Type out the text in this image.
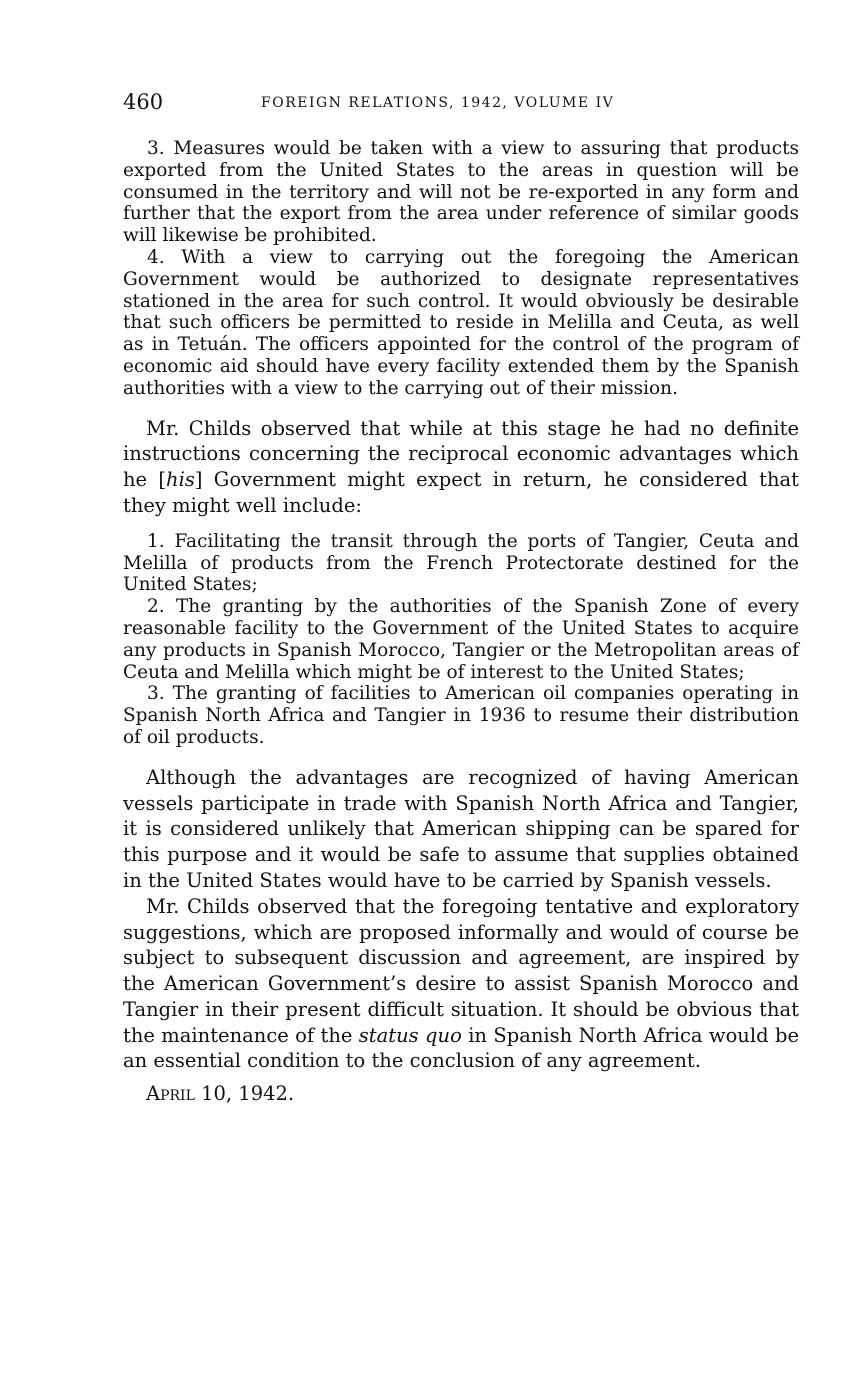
460	FOREIGN RELATIONS, 1942, VOLUME IV

3. Measures would be taken with a view to assuring that products exported from the United States to the areas in question will be consumed in the territory and will not be re-exported in any form and further that the export from the area under reference of similar goods will likewise be prohibited.

4. With a view to carrying out the foregoing the American Government would be authorized to designate representatives stationed in the area for such control. It would obviously be desirable that such officers be permitted to reside in Melilla and Ceuta, as well as in Tetuán. The officers appointed for the control of the program of economic aid should have every facility extended them by the Spanish authorities with a view to the carrying out of their mission.

Mr. Childs observed that while at this stage he had no definite instructions concerning the reciprocal economic advantages which he [his] Government might expect in return, he considered that they might well include:

1. Facilitating the transit through the ports of Tangier, Ceuta and Melilla of products from the French Protectorate destined for the United States;

2. The granting by the authorities of the Spanish Zone of every reasonable facility to the Government of the United States to acquire any products in Spanish Morocco, Tangier or the Metropolitan areas of Ceuta and Melilla which might be of interest to the United States;

3. The granting of facilities to American oil companies operating in Spanish North Africa and Tangier in 1936 to resume their distribution of oil products.

Although the advantages are recognized of having American vessels participate in trade with Spanish North Africa and Tangier, it is considered unlikely that American shipping can be spared for this purpose and it would be safe to assume that supplies obtained in the United States would have to be carried by Spanish vessels.

Mr. Childs observed that the foregoing tentative and exploratory suggestions, which are proposed informally and would of course be subject to subsequent discussion and agreement, are inspired by the American Government’s desire to assist Spanish Morocco and Tangier in their present difficult situation. It should be obvious that the maintenance of the status quo in Spanish North Africa would be an essential condition to the conclusion of any agreement.

April 10, 1942.
